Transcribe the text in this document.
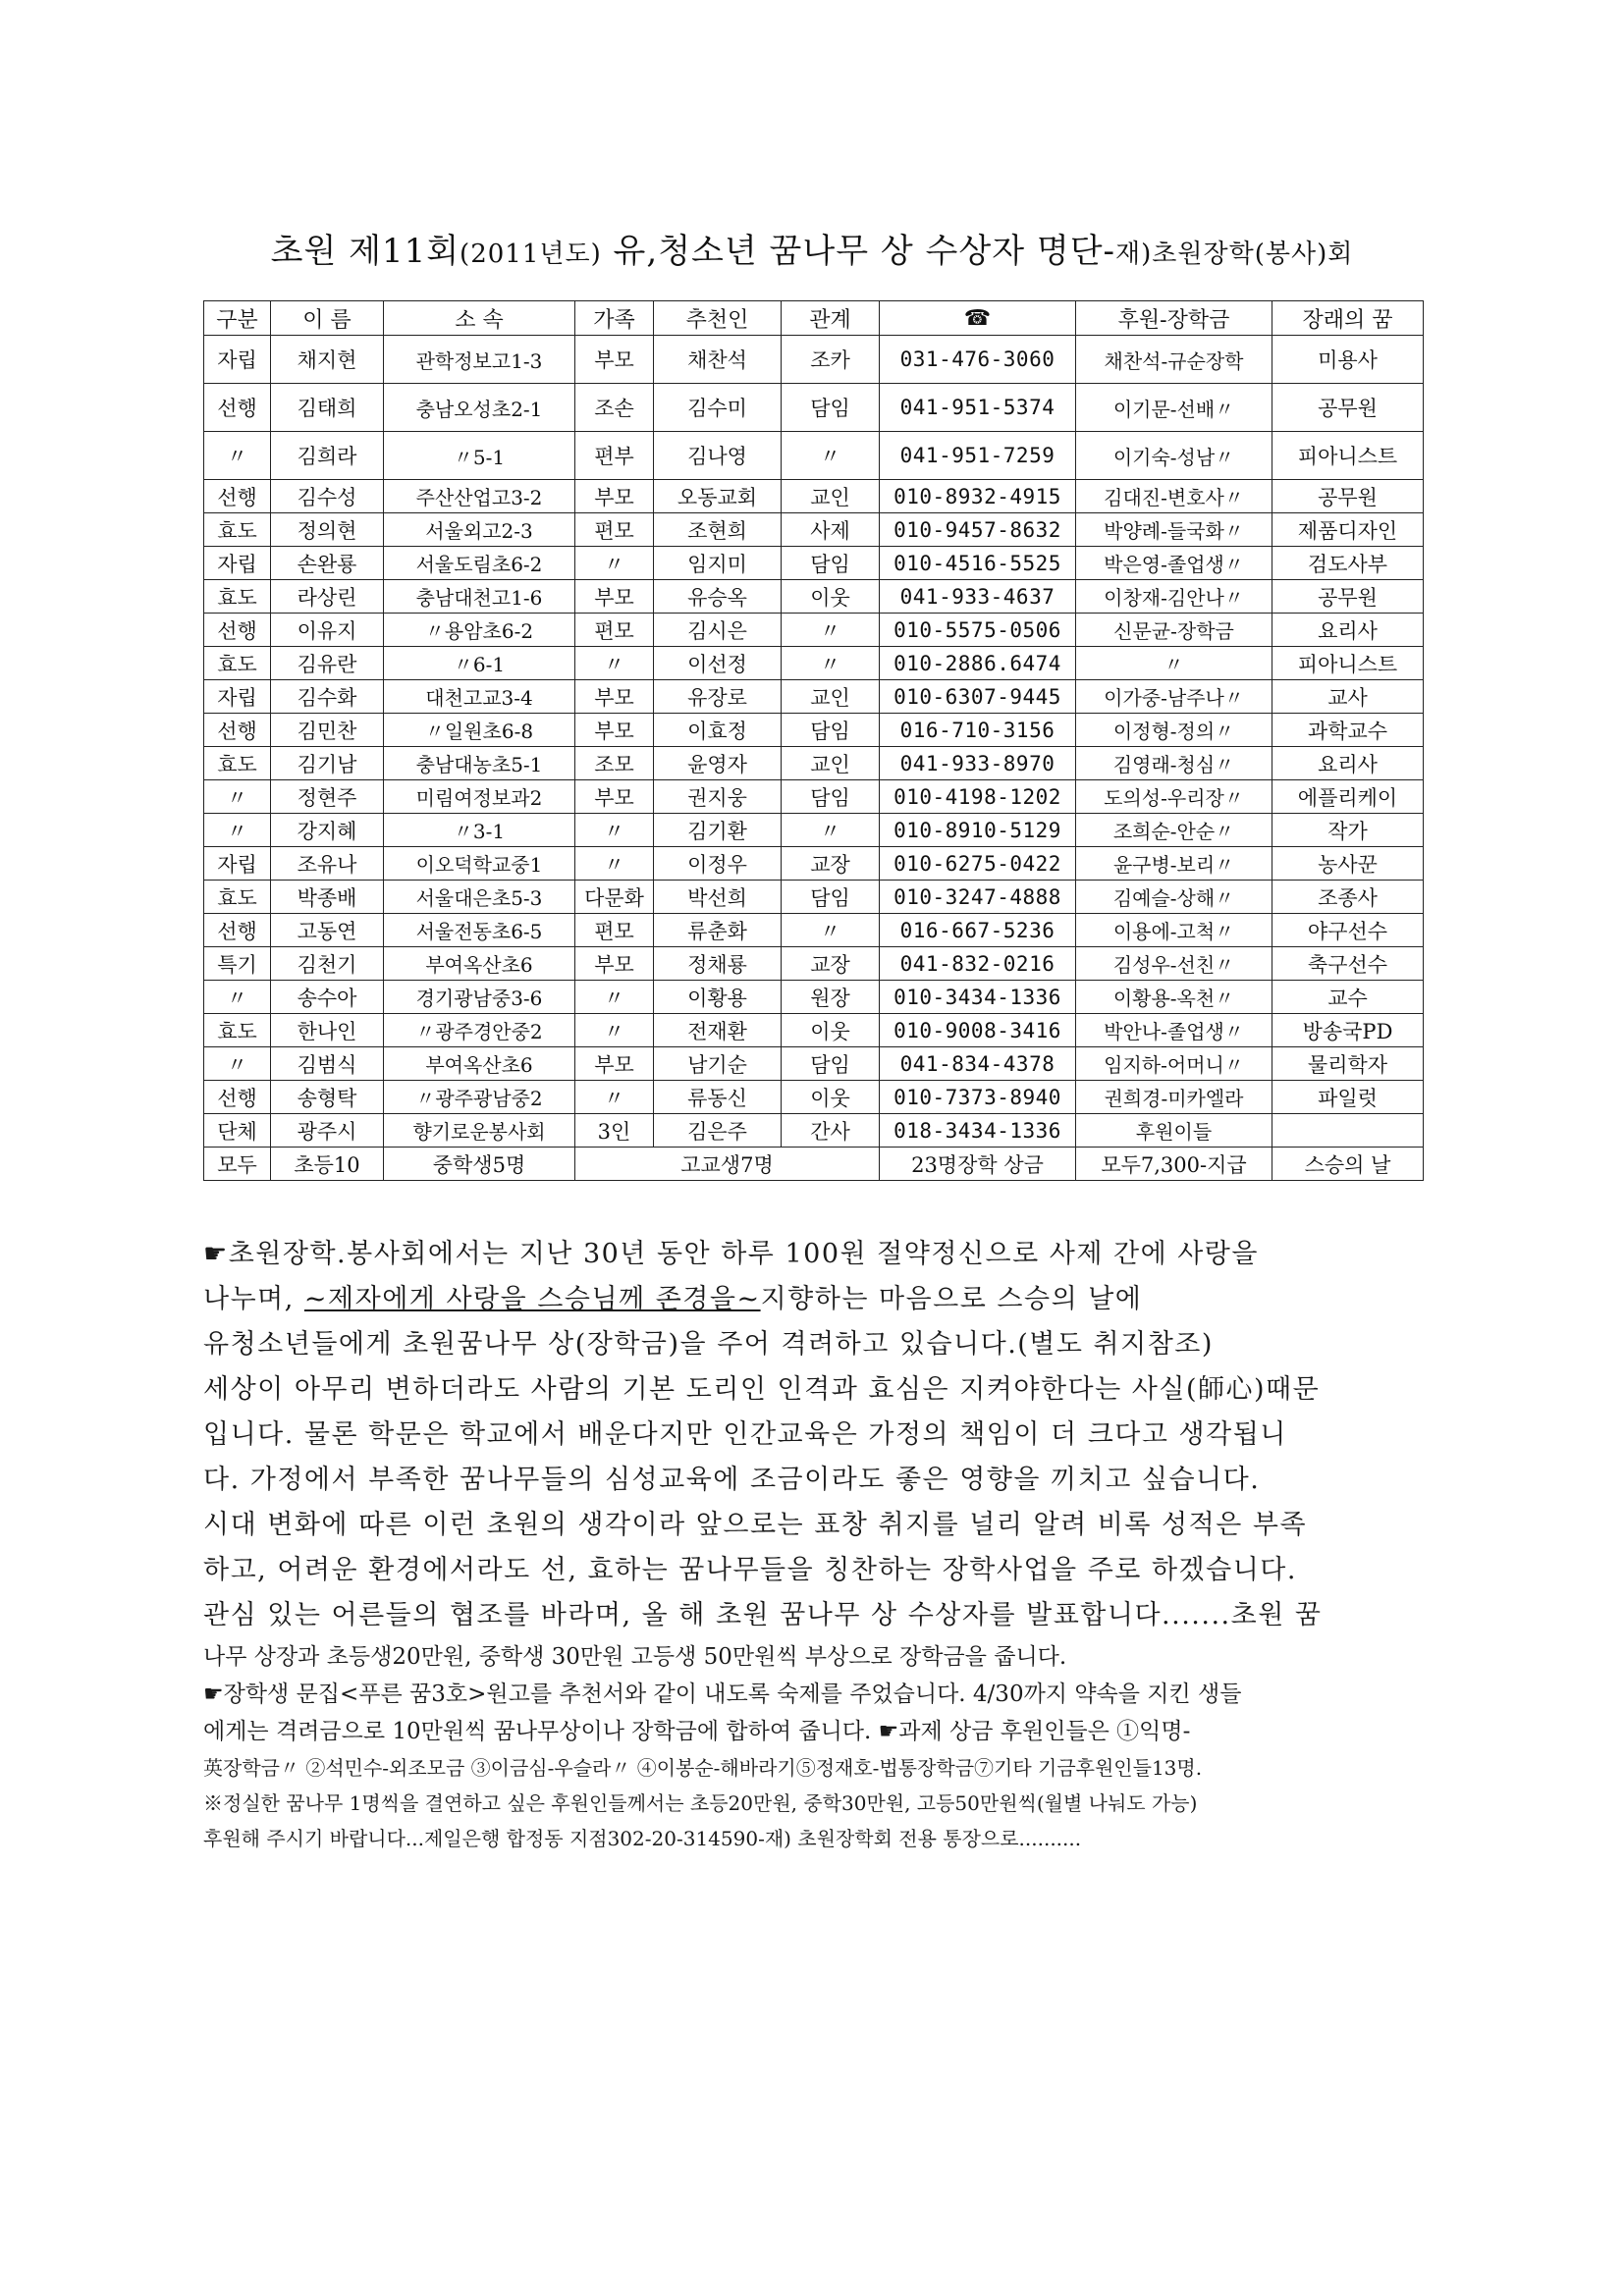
초원 제11회(2011년도) 유,청소년 꿈나무 상 수상자 명단-재)초원장학(봉사)회
구분	이 름	소 속	가족	추천인	관계	☎	후원-장학금	장래의 꿈
자립	채지현	관학정보고1-3	부모	채찬석	조카	031-476-3060	채찬석-규순장학	미용사
선행	김태희	충남오성초2-1	조손	김수미	담임	041-951-5374	이기문-선배〃	공무원
〃	김희라	〃5-1	편부	김나영	〃	041-951-7259	이기숙-성남〃	피아니스트
선행	김수성	주산산업고3-2	부모	오동교회	교인	010-8932-4915	김대진-변호사〃	공무원
효도	정의현	서울외고2-3	편모	조현희	사제	010-9457-8632	박양례-들국화〃	제품디자인
자립	손완룡	서울도림초6-2	〃	임지미	담임	010-4516-5525	박은영-졸업생〃	검도사부
효도	라상린	충남대천고1-6	부모	유승옥	이웃	041-933-4637	이창재-김안나〃	공무원
선행	이유지	〃용암초6-2	편모	김시은	〃	010-5575-0506	신문균-장학금	요리사
효도	김유란	〃6-1	〃	이선정	〃	010-2886.6474	〃	피아니스트
자립	김수화	대천고교3-4	부모	유장로	교인	010-6307-9445	이가중-남주나〃	교사
선행	김민찬	〃일원초6-8	부모	이효정	담임	016-710-3156	이정형-정의〃	과학교수
효도	김기남	충남대농초5-1	조모	윤영자	교인	041-933-8970	김영래-청심〃	요리사
〃	정현주	미림여정보과2	부모	권지웅	담임	010-4198-1202	도의성-우리장〃	에플리케이
〃	강지혜	〃3-1	〃	김기환	〃	010-8910-5129	조희순-안순〃	작가
자립	조유나	이오덕학교중1	〃	이정우	교장	010-6275-0422	윤구병-보리〃	농사꾼
효도	박종배	서울대은초5-3	다문화	박선희	담임	010-3247-4888	김예슬-상해〃	조종사
선행	고동연	서울전동초6-5	편모	류춘화	〃	016-667-5236	이용에-고척〃	야구선수
특기	김천기	부여옥산초6	부모	정채룡	교장	041-832-0216	김성우-선친〃	축구선수
〃	송수아	경기광남중3-6	〃	이황용	원장	010-3434-1336	이황용-옥천〃	교수
효도	한나인	〃광주경안중2	〃	전재환	이웃	010-9008-3416	박안나-졸업생〃	방송국PD
〃	김범식	부여옥산초6	부모	남기순	담임	041-834-4378	임지하-어머니〃	물리학자
선행	송형탁	〃광주광남중2	〃	류동신	이웃	010-7373-8940	권희경-미카엘라	파일럿
단체	광주시	향기로운봉사회	3인	김은주	간사	018-3434-1336	후원이들	
모두	초등10	중학생5명	고교생7명			23명장학 상금	모두7,300-지급	스승의 날
☛초원장학.봉사회에서는 지난 30년 동안 하루 100원 절약정신으로 사제 간에 사랑을
나누며, ~제자에게 사랑을 스승님께 존경을~지향하는 마음으로 스승의 날에
유청소년들에게 초원꿈나무 상(장학금)을 주어 격려하고 있습니다.(별도 취지참조)
세상이 아무리 변하더라도 사람의 기본 도리인 인격과 효심은 지켜야한다는 사실(師心)때문
입니다. 물론 학문은 학교에서 배운다지만 인간교육은 가정의 책임이 더 크다고 생각됩니
다. 가정에서 부족한 꿈나무들의 심성교육에 조금이라도 좋은 영향을 끼치고 싶습니다.
시대 변화에 따른 이런 초원의 생각이라 앞으로는 표창 취지를 널리 알려 비록 성적은 부족
하고, 어려운 환경에서라도 선, 효하는 꿈나무들을 칭찬하는 장학사업을 주로 하겠습니다.
관심 있는 어른들의 협조를 바라며, 올 해 초원 꿈나무 상 수상자를 발표합니다.......초원 꿈
나무 상장과 초등생20만원, 중학생 30만원 고등생 50만원씩 부상으로 장학금을 줍니다.
☛장학생 문집<푸른 꿈3호>원고를 추천서와 같이 내도록 숙제를 주었습니다. 4/30까지 약속을 지킨 생들
에게는 격려금으로 10만원씩 꿈나무상이나 장학금에 합하여 줍니다. ☛과제 상금 후원인들은 ①익명-
英장학금〃 ②석민수-외조모금 ③이금심-우슬라〃 ④이봉순-해바라기⑤정재호-법통장학금⑦기타 기금후원인들13명.
※정실한 꿈나무 1명씩을 결연하고 싶은 후원인들께서는 초등20만원, 중학30만원, 고등50만원씩(월별 나눠도 가능)
후원해 주시기 바랍니다...제일은행 합정동 지점302-20-314590-재) 초원장학회 전용 통장으로..........
